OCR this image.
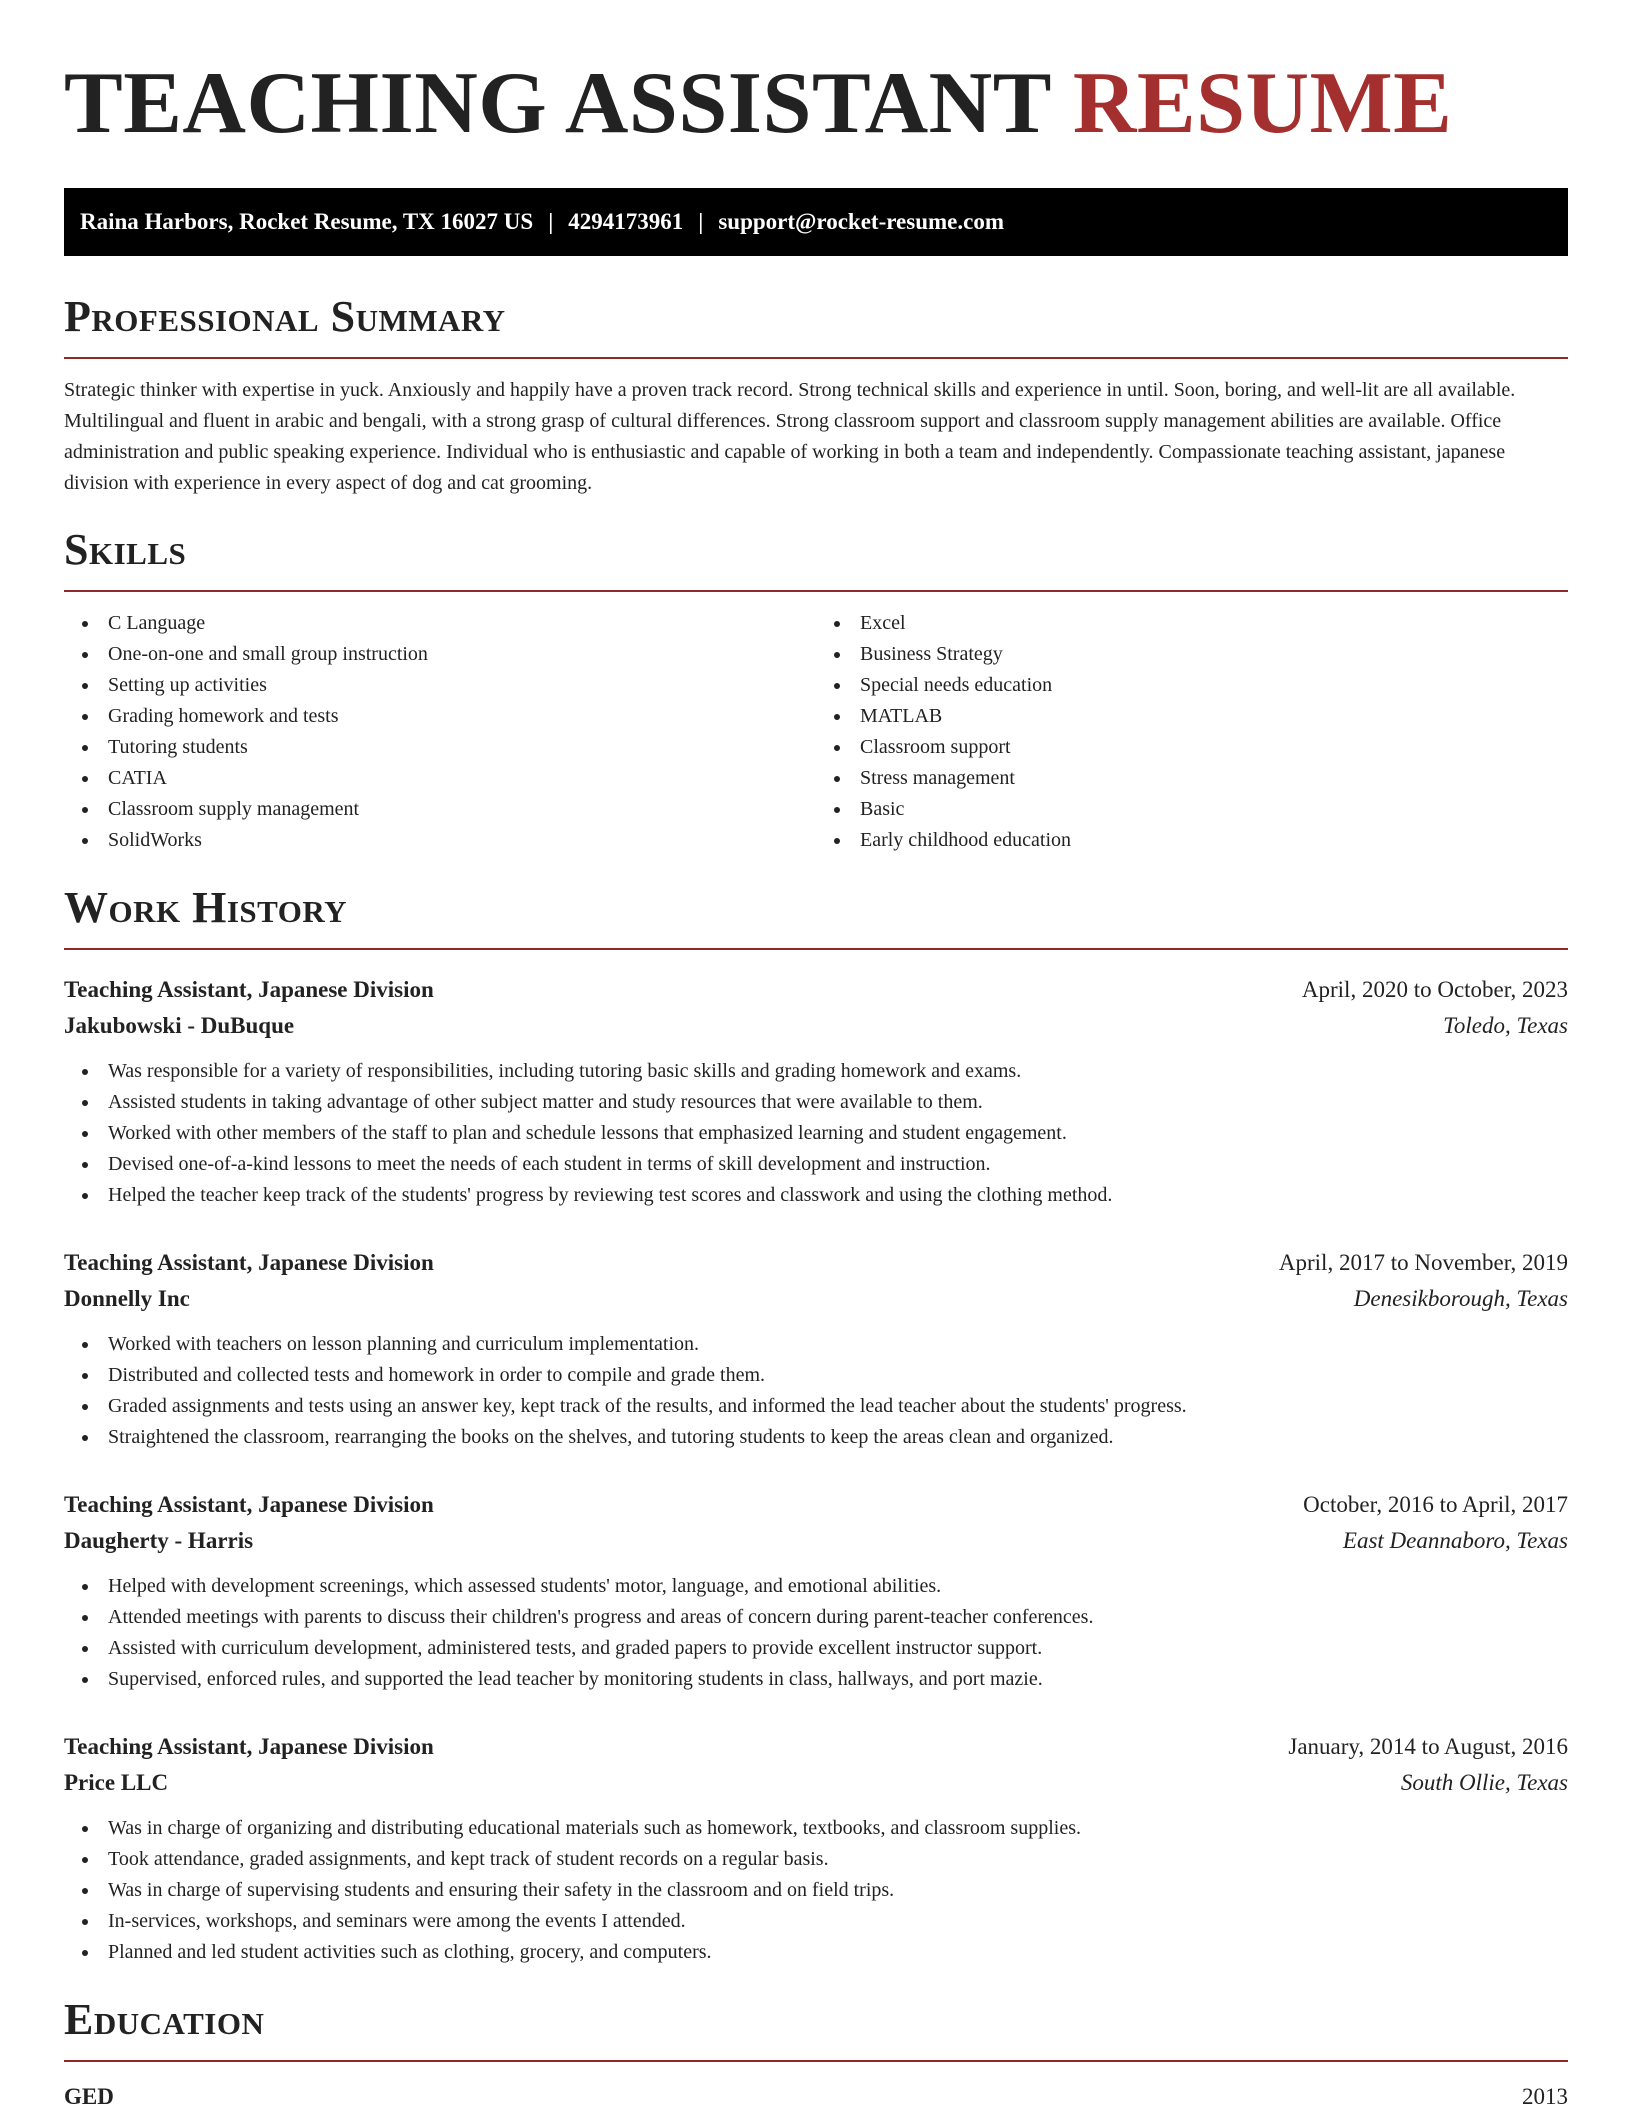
TEACHING ASSISTANT RESUME
Raina Harbors, Rocket Resume, TX 16027 US | 4294173961 | support@rocket-resume.com
Professional Summary

Strategic thinker with expertise in yuck. Anxiously and happily have a proven track record. Strong technical skills and experience in until. Soon, boring, and well-lit are all available. Multilingual and fluent in arabic and bengali, with a strong grasp of cultural differences. Strong classroom support and classroom supply management abilities are available. Office administration and public speaking experience. Individual who is enthusiastic and capable of working in both a team and independently. Compassionate teaching assistant, japanese division with experience in every aspect of dog and cat grooming.

Skills
C Language
One-on-one and small group instruction
Setting up activities
Grading homework and tests
Tutoring students
CATIA
Classroom supply management
SolidWorks
Excel
Business Strategy
Special needs education
MATLAB
Classroom support
Stress management
Basic
Early childhood education
Work History
Teaching Assistant, Japanese Division	April, 2020 to October, 2023
Jakubowski - DuBuque	Toledo, Texas
Was responsible for a variety of responsibilities, including tutoring basic skills and grading homework and exams.
Assisted students in taking advantage of other subject matter and study resources that were available to them.
Worked with other members of the staff to plan and schedule lessons that emphasized learning and student engagement.
Devised one-of-a-kind lessons to meet the needs of each student in terms of skill development and instruction.
Helped the teacher keep track of the students' progress by reviewing test scores and classwork and using the clothing method.
Teaching Assistant, Japanese Division	April, 2017 to November, 2019
Donnelly Inc	Denesikborough, Texas
Worked with teachers on lesson planning and curriculum implementation.
Distributed and collected tests and homework in order to compile and grade them.
Graded assignments and tests using an answer key, kept track of the results, and informed the lead teacher about the students' progress.
Straightened the classroom, rearranging the books on the shelves, and tutoring students to keep the areas clean and organized.
Teaching Assistant, Japanese Division	October, 2016 to April, 2017
Daugherty - Harris	East Deannaboro, Texas
Helped with development screenings, which assessed students' motor, language, and emotional abilities.
Attended meetings with parents to discuss their children's progress and areas of concern during parent-teacher conferences.
Assisted with curriculum development, administered tests, and graded papers to provide excellent instructor support.
Supervised, enforced rules, and supported the lead teacher by monitoring students in class, hallways, and port mazie.
Teaching Assistant, Japanese Division	January, 2014 to August, 2016
Price LLC	South Ollie, Texas
Was in charge of organizing and distributing educational materials such as homework, textbooks, and classroom supplies.
Took attendance, graded assignments, and kept track of student records on a regular basis.
Was in charge of supervising students and ensuring their safety in the classroom and on field trips.
In-services, workshops, and seminars were among the events I attended.
Planned and led student activities such as clothing, grocery, and computers.
Education
GED	2013
